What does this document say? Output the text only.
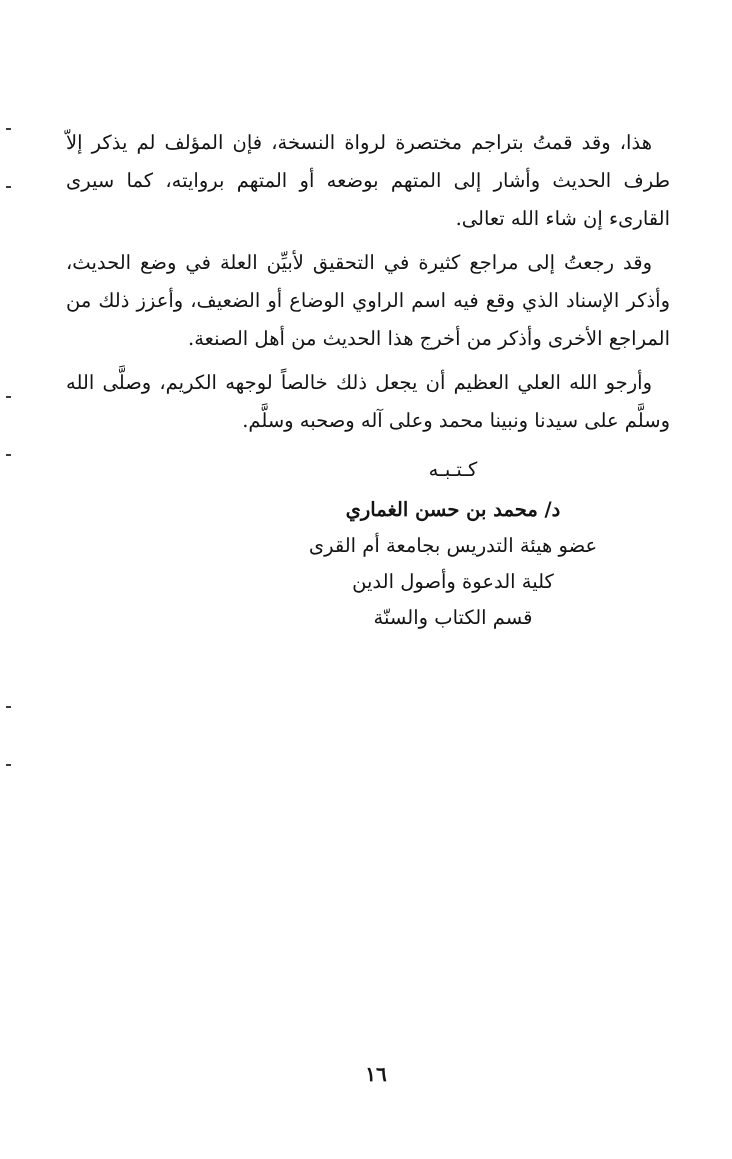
هذا، وقد قمتُ بتراجم مختصرة لرواة النسخة، فإن المؤلف لم يذكر إلاّ طرف الحديث وأشار إلى المتهم بوضعه أو المتهم بروايته، كما سيرى القارىء إن شاء الله تعالى.

وقد رجعتُ إلى مراجع كثيرة في التحقيق لأبيِّن العلة في وضع الحديث، وأذكر الإسناد الذي وقع فيه اسم الراوي الوضاع أو الضعيف، وأعزز ذلك من المراجع الأخرى وأذكر من أخرج هذا الحديث من أهل الصنعة.

وأرجو الله العلي العظيم أن يجعل ذلك خالصاً لوجهه الكريم، وصلَّى الله وسلَّم على سيدنا ونبينا محمد وعلى آله وصحبه وسلَّم.

كـتـبـه
د/ محمد بن حسن الغماري
عضو هيئة التدريس بجامعة أم القرى
كلية الدعوة وأصول الدين
قسم الكتاب والسنّة
١٦
